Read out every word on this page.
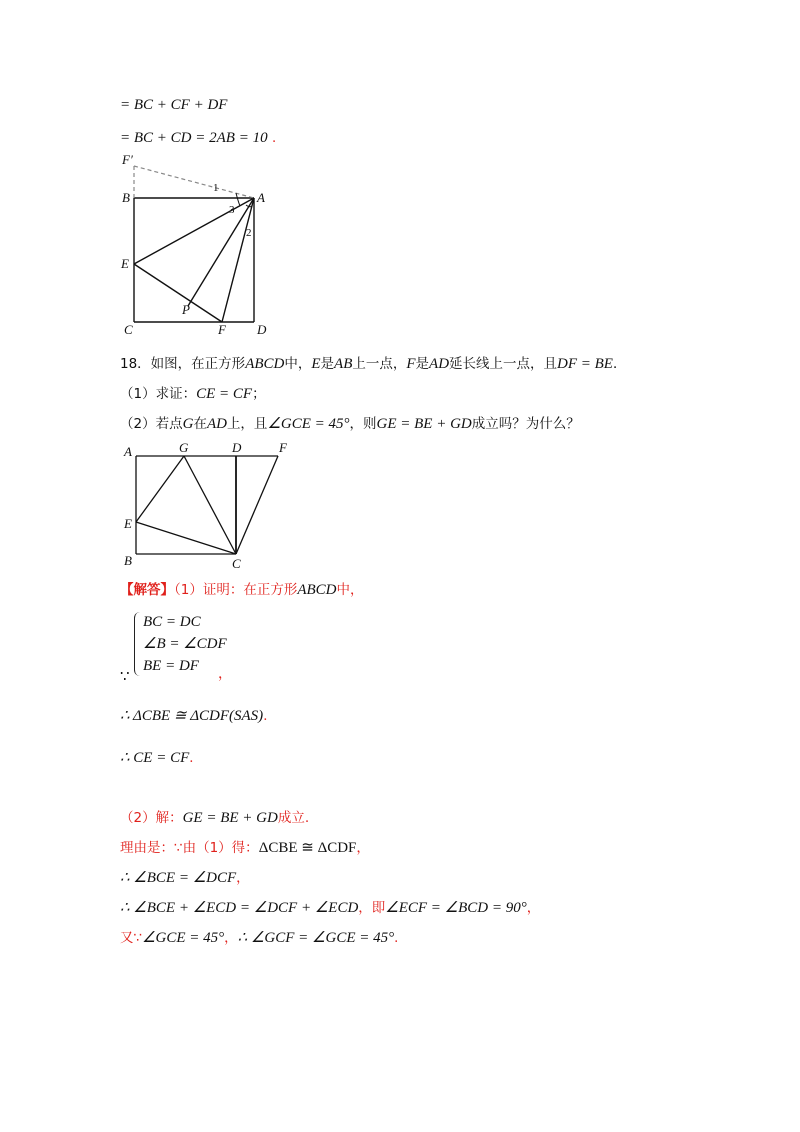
= BC + CF + DF
= BC + CD = 2AB = 10 .
F′
B	A
E
P
C	F D
1
2
3
18．如图，在正方形ABCD中，E是AB上一点，F是AD延长线上一点，且DF = BE．
（1）求证：CE = CF；
（2）若点G在AD上，且∠GCE = 45°，则GE = BE + GD成立吗？为什么？
A	G	D	F
E
B	C
【解答】（1）证明：在正方形ABCD中，
BC = DC
∠B = ∠CDF
BE = DF
∵	，
∴ ΔCBE ≅ ΔCDF(SAS).
∴ CE = CF.
（2）解：GE = BE + GD成立.
理由是：∵由（1）得：ΔCBE ≅ ΔCDF，
∴ ∠BCE = ∠DCF，
∴ ∠BCE + ∠ECD = ∠DCF + ∠ECD，即∠ECF = ∠BCD = 90°，
又∵∠GCE = 45°，∴ ∠GCF = ∠GCE = 45°.
